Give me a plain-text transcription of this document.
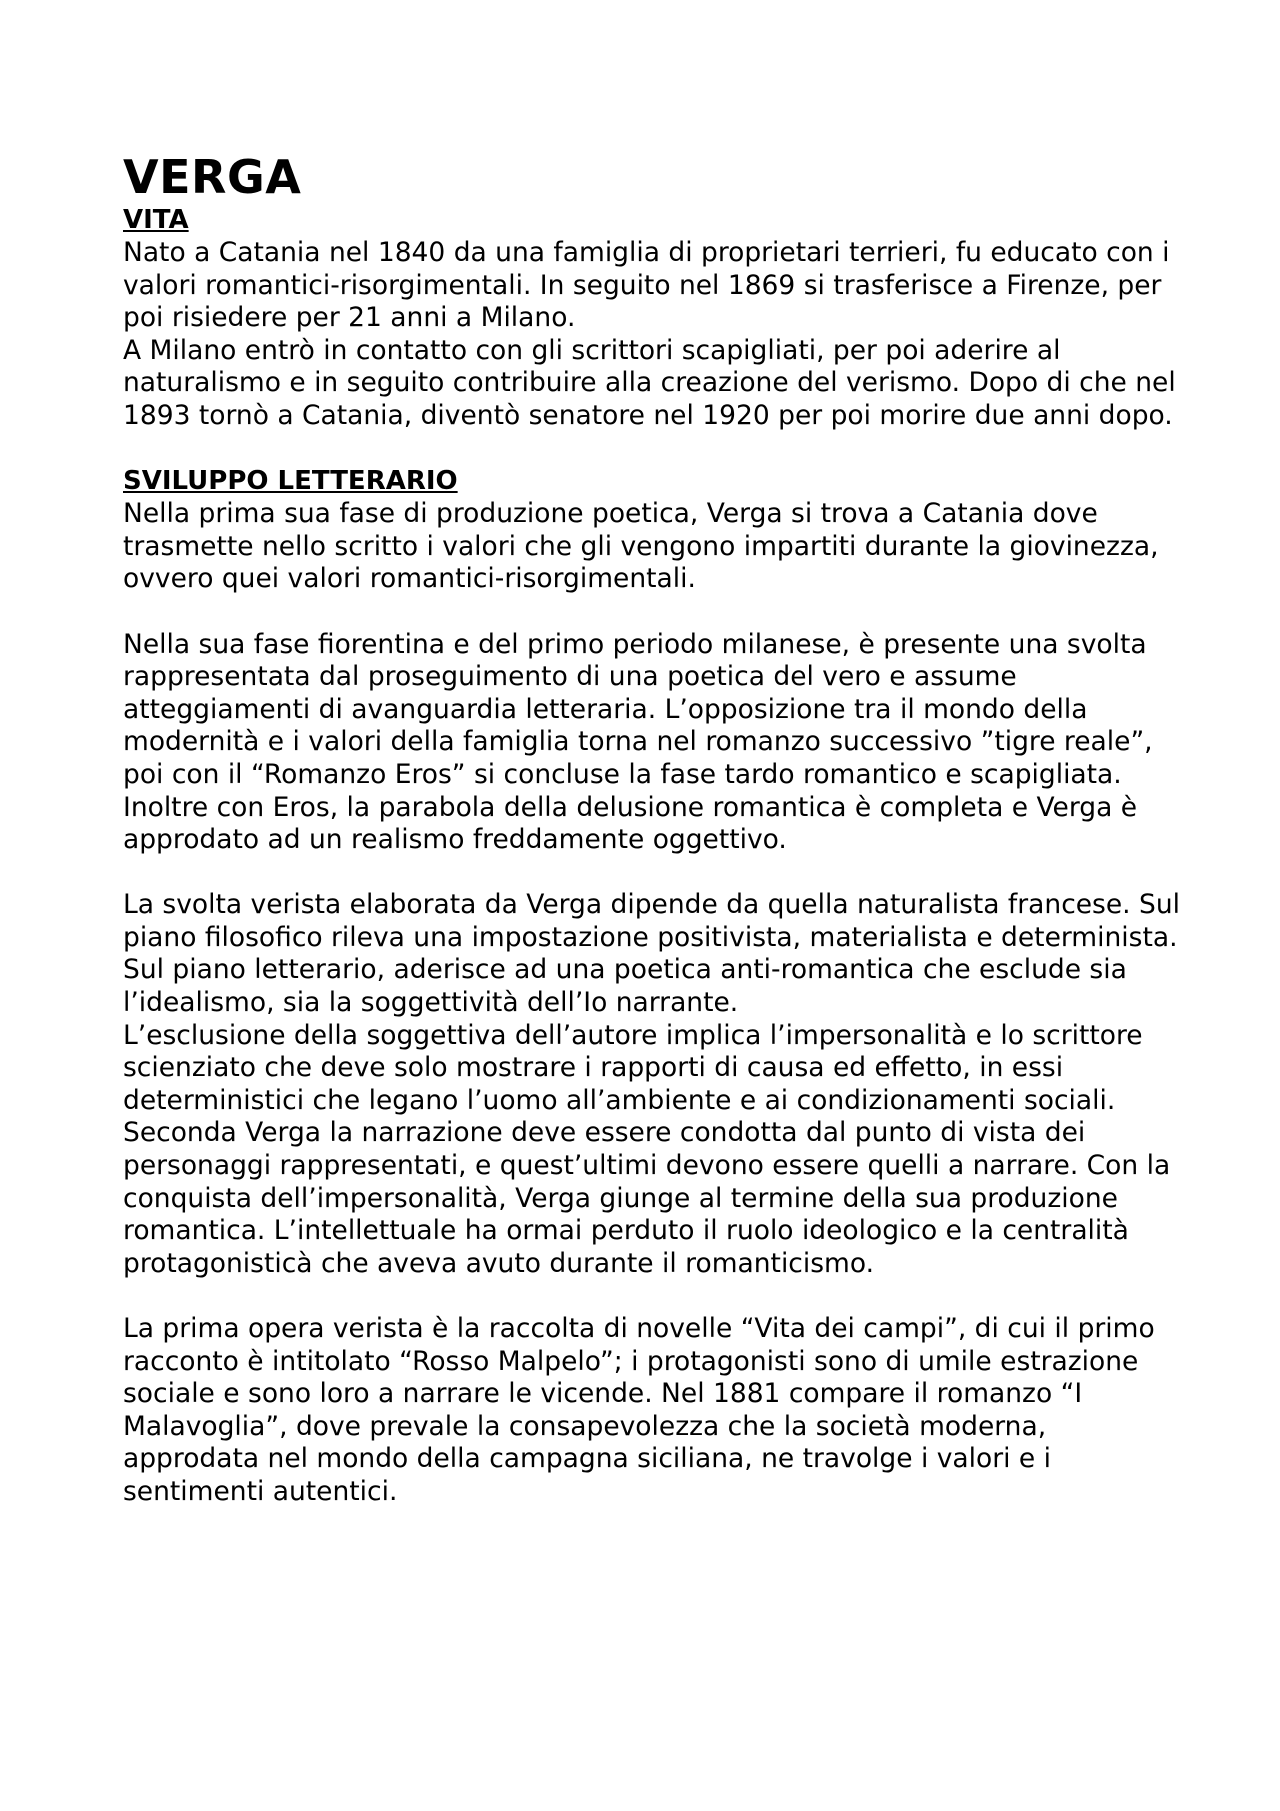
VERGA
VITA

Nato a Catania nel 1840 da una famiglia di proprietari terrieri, fu educato con i valori romantici-risorgimentali. In seguito nel 1869 si trasferisce a Firenze, per poi risiedere per 21 anni a Milano.

A Milano entrò in contatto con gli scrittori scapigliati, per poi aderire al naturalismo e in seguito contribuire alla creazione del verismo. Dopo di che nel 1893 tornò a Catania, diventò senatore nel 1920 per poi morire due anni dopo.

SVILUPPO LETTERARIO

Nella prima sua fase di produzione poetica, Verga si trova a Catania dove trasmette nello scritto i valori che gli vengono impartiti durante la giovinezza, ovvero quei valori romantici-risorgimentali.

Nella sua fase fiorentina e del primo periodo milanese, è presente una svolta rappresentata dal proseguimento di una poetica del vero e assume atteggiamenti di avanguardia letteraria. L’opposizione tra il mondo della modernità e i valori della famiglia torna nel romanzo successivo ”tigre reale”, poi con il “Romanzo Eros” si concluse la fase tardo romantico e scapigliata. Inoltre con Eros, la parabola della delusione romantica è completa e Verga è approdato ad un realismo freddamente oggettivo.

La svolta verista elaborata da Verga dipende da quella naturalista francese. Sul piano filosofico rileva una impostazione positivista, materialista e determinista. Sul piano letterario, aderisce ad una poetica anti-romantica che esclude sia l’idealismo, sia la soggettività dell’Io narrante.

L’esclusione della soggettiva dell’autore implica l’impersonalità e lo scrittore scienziato che deve solo mostrare i rapporti di causa ed effetto, in essi deterministici che legano l’uomo all’ambiente e ai condizionamenti sociali. Seconda Verga la narrazione deve essere condotta dal punto di vista dei personaggi rappresentati, e quest’ultimi devono essere quelli a narrare. Con la conquista dell’impersonalità, Verga giunge al termine della sua produzione romantica. L’intellettuale ha ormai perduto il ruolo ideologico e la centralità protagonisticà che aveva avuto durante il romanticismo.

La prima opera verista è la raccolta di novelle “Vita dei campi”, di cui il primo racconto è intitolato “Rosso Malpelo”; i protagonisti sono di umile estrazione sociale e sono loro a narrare le vicende. Nel 1881 compare il romanzo “I Malavoglia”, dove prevale la consapevolezza che la società moderna, approdata nel mondo della campagna siciliana, ne travolge i valori e i sentimenti autentici.
